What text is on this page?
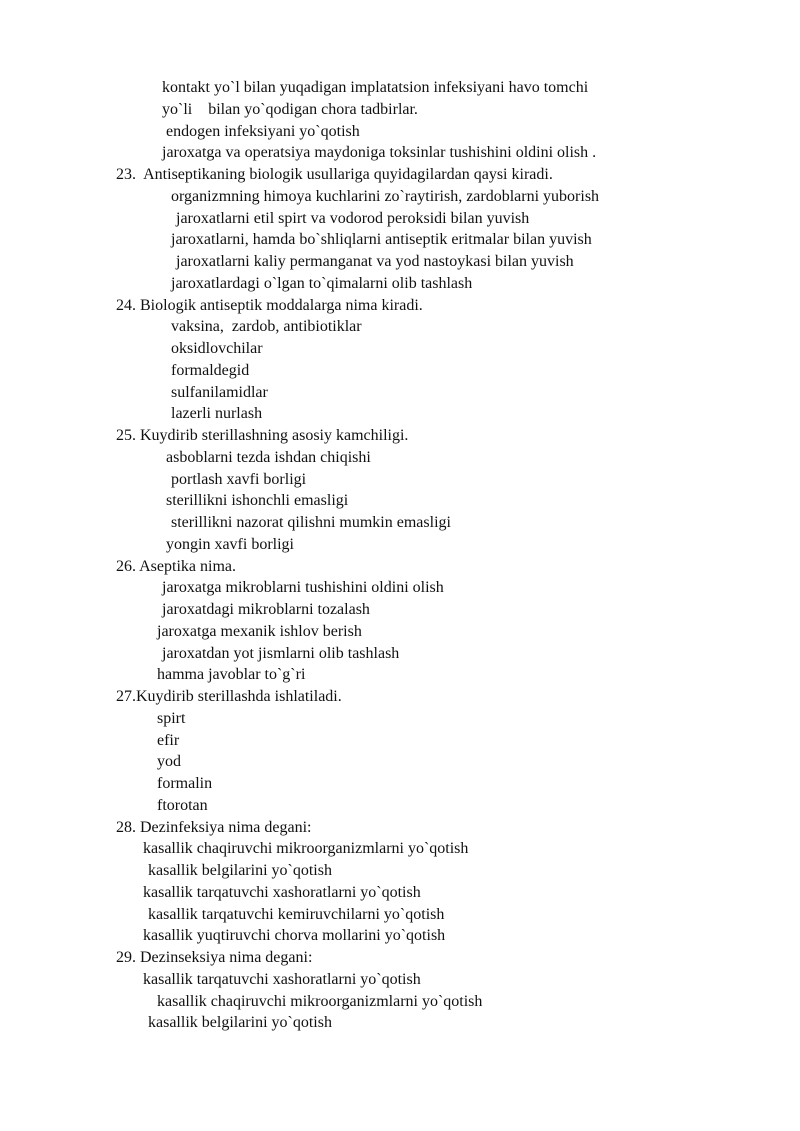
kontakt yo`l bilan yuqadigan implatatsion infeksiyani havo tomchi
yo`li    bilan yo`qodigan chora tadbirlar.
endogen infeksiyani yo`qotish
jaroxatga va operatsiya maydoniga toksinlar tushishini oldini olish .
23.  Antiseptikaning biologik usullariga quyidagilardan qaysi kiradi.
organizmning himoya kuchlarini zo`raytirish, zardoblarni yuborish
jaroxatlarni etil spirt va vodorod peroksidi bilan yuvish
jaroxatlarni, hamda bo`shliqlarni antiseptik eritmalar bilan yuvish
jaroxatlarni kaliy permanganat va yod nastoykasi bilan yuvish
jaroxatlardagi o`lgan to`qimalarni olib tashlash
24. Biologik antiseptik moddalarga nima kiradi.
vaksina,  zardob, antibiotiklar
oksidlovchilar
formaldegid
sulfanilamidlar
lazerli nurlash
25. Kuydirib sterillashning asosiy kamchiligi.
asboblarni tezda ishdan chiqishi
portlash xavfi borligi
sterillikni ishonchli emasligi
sterillikni nazorat qilishni mumkin emasligi
yongin xavfi borligi
26. Aseptika nima.
jaroxatga mikroblarni tushishini oldini olish
jaroxatdagi mikroblarni tozalash
jaroxatga mexanik ishlov berish
jaroxatdan yot jismlarni olib tashlash
hamma javoblar to`g`ri
27.Kuydirib sterillashda ishlatiladi.
spirt
efir
yod
formalin
ftorotan
28. Dezinfeksiya nima degani:
kasallik chaqiruvchi mikroorganizmlarni yo`qotish
kasallik belgilarini yo`qotish
kasallik tarqatuvchi xashoratlarni yo`qotish
kasallik tarqatuvchi kemiruvchilarni yo`qotish
kasallik yuqtiruvchi chorva mollarini yo`qotish
29. Dezinseksiya nima degani:
kasallik tarqatuvchi xashoratlarni yo`qotish
kasallik chaqiruvchi mikroorganizmlarni yo`qotish
kasallik belgilarini yo`qotish
